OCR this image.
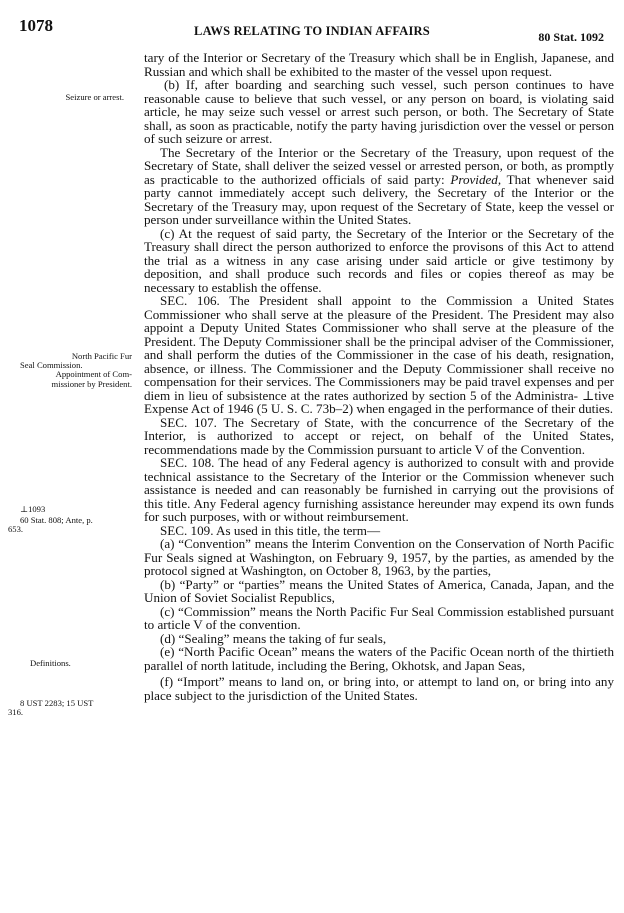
1078	LAWS RELATING TO INDIAN AFFAIRS	80 Stat. 1092
Seizure or arrest.
North Pacific Fur
Seal Commission.
Appointment of Com-
missioner by President.
⊥1093
60 Stat. 808; Ante, p.
653.
Definitions.
8 UST 2283; 15 UST
316.

tary of the Interior or Secretary of the Treasury which shall be in English, Japanese, and Russian and which shall be exhibited to the master of the vessel upon request.

(b) If, after boarding and searching such vessel, such person continues to have reasonable cause to believe that such vessel, or any person on board, is violating said article, he may seize such vessel or arrest such person, or both. The Secretary of State shall, as soon as practicable, notify the party having jurisdiction over the vessel or person of such seizure or arrest.

The Secretary of the Interior or the Secretary of the Treasury, upon request of the Secretary of State, shall deliver the seized vessel or arrested person, or both, as promptly as practicable to the authorized officials of said party: Provided, That whenever said party cannot immediately accept such delivery, the Secretary of the Interior or the Secretary of the Treasury may, upon request of the Secretary of State, keep the vessel or person under surveillance within the United States.

(c) At the request of said party, the Secretary of the Interior or the Secretary of the Treasury shall direct the person authorized to enforce the provisons of this Act to attend the trial as a witness in any case arising under said article or give testimony by deposition, and shall produce such records and files or copies thereof as may be necessary to establish the offense.

SEC. 106. The President shall appoint to the Commission a United States Commissioner who shall serve at the pleasure of the President. The President may also appoint a Deputy United States Commissioner who shall serve at the pleasure of the President. The Deputy Commissioner shall be the principal adviser of the Commissioner, and shall perform the duties of the Commissioner in the case of his death, resignation, absence, or illness. The Commissioner and the Deputy Commissioner shall receive no compensation for their services. The Commissioners may be paid travel expenses and per diem in lieu of subsistence at the rates authorized by section 5 of the Administra- ⊥tive Expense Act of 1946 (5 U. S. C. 73b–2) when engaged in the performance of their duties.

SEC. 107. The Secretary of State, with the concurrence of the Secretary of the Interior, is authorized to accept or reject, on behalf of the United States, recommendations made by the Commission pursuant to article V of the Convention.

SEC. 108. The head of any Federal agency is authorized to consult with and provide technical assistance to the Secretary of the Interior or the Commission whenever such assistance is needed and can reasonably be furnished in carrying out the provisions of this title. Any Federal agency furnishing assistance hereunder may expend its own funds for such purposes, with or without reimbursement.

SEC. 109. As used in this title, the term—

(a) “Convention” means the Interim Convention on the Conservation of North Pacific Fur Seals signed at Washington, on February 9, 1957, by the parties, as amended by the protocol signed at Washington, on October 8, 1963, by the parties,

(b) “Party” or “parties” means the United States of America, Canada, Japan, and the Union of Soviet Socialist Republics,

(c) “Commission” means the North Pacific Fur Seal Commission established pursuant to article V of the convention.

(d) “Sealing” means the taking of fur seals,

(e) “North Pacific Ocean” means the waters of the Pacific Ocean north of the thirtieth parallel of north latitude, including the Bering, Okhotsk, and Japan Seas,

(f) “Import” means to land on, or bring into, or attempt to land on, or bring into any place subject to the jurisdiction of the United States.
